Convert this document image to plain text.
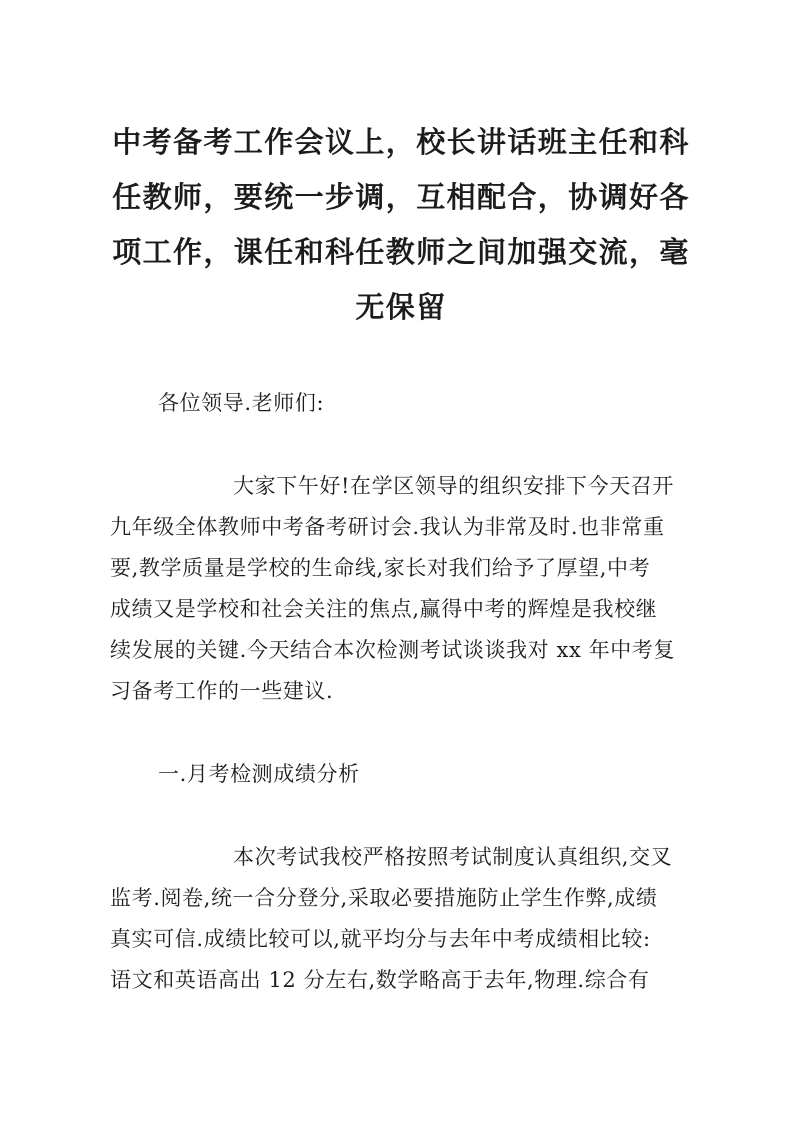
中考备考工作会议上，校长讲话班主任和科
任教师，要统一步调，互相配合，协调好各
项工作，课任和科任教师之间加强交流，毫
无保留

各位领导.老师们:

大家下午好!在学区领导的组织安排下今天召开
九年级全体教师中考备考研讨会.我认为非常及时.也非常重
要,教学质量是学校的生命线,家长对我们给予了厚望,中考
成绩又是学校和社会关注的焦点,赢得中考的辉煌是我校继
续发展的关键.今天结合本次检测考试谈谈我对 xx 年中考复
习备考工作的一些建议.

一.月考检测成绩分析

本次考试我校严格按照考试制度认真组织,交叉
监考.阅卷,统一合分登分,采取必要措施防止学生作弊,成绩
真实可信.成绩比较可以,就平均分与去年中考成绩相比较:
语文和英语高出 12 分左右,数学略高于去年,物理.综合有
